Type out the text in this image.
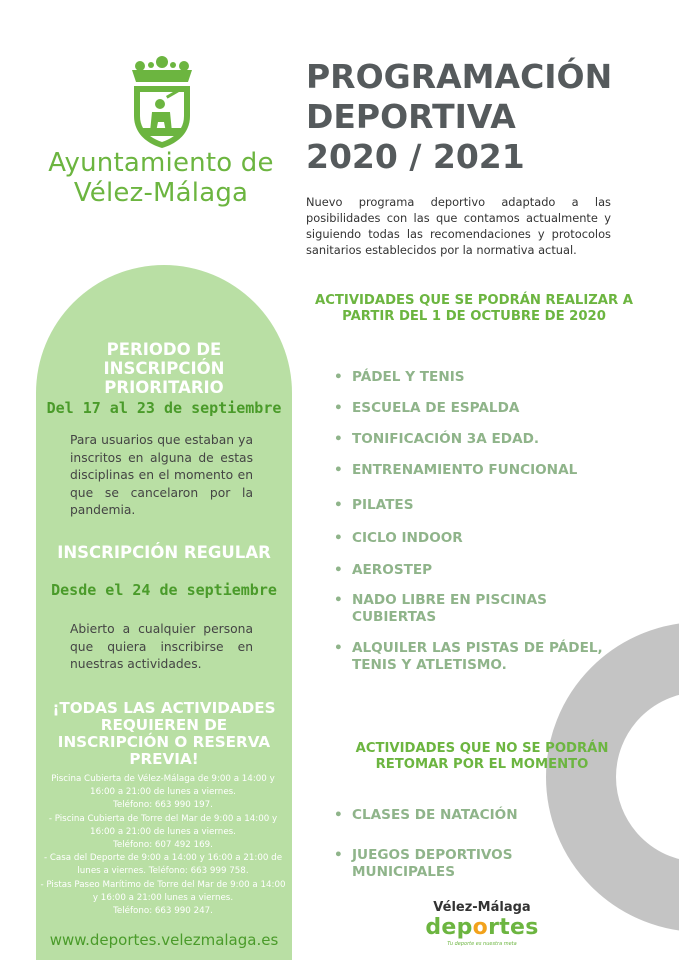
Ayuntamiento de
Vélez-Málaga
PROGRAMACIÓN
DEPORTIVA
2020 / 2021
Nuevo programa deportivo adaptado a las posibilidades con las que contamos actualmente y siguiendo todas las recomendaciones y protocolos sanitarios establecidos por la normativa actual.
PERIODO DE INSCRIPCIÓN PRIORITARIO
Del 17 al 23 de septiembre
Para usuarios que estaban ya inscritos en alguna de estas disciplinas en el momento en que se cancelaron por la pandemia.
INSCRIPCIÓN REGULAR
Desde el 24 de septiembre
Abierto a cualquier persona que quiera inscribirse en nuestras actividades.
¡TODAS LAS ACTIVIDADES REQUIEREN DE INSCRIPCIÓN O RESERVA PREVIA!
Piscina Cubierta de Vélez-Málaga de 9:00 a 14:00 y 16:00 a 21:00 de lunes a viernes.
Teléfono: 663 990 197.
- Piscina Cubierta de Torre del Mar de 9:00 a 14:00 y 16:00 a 21:00 de lunes a viernes.
Teléfono: 607 492 169.
- Casa del Deporte de 9:00 a 14:00 y 16:00 a 21:00 de lunes a viernes. Teléfono: 663 999 758.
- Pistas Paseo Marítimo de Torre del Mar de 9:00 a 14:00 y 16:00 a 21:00 lunes a viernes.
Teléfono: 663 990 247.
www.deportes.velezmalaga.es
ACTIVIDADES QUE SE PODRÁN REALIZAR A PARTIR DEL 1 DE OCTUBRE DE 2020
• PÁDEL Y TENIS
• ESCUELA DE ESPALDA
• TONIFICACIÓN 3A EDAD.
• ENTRENAMIENTO FUNCIONAL
• PILATES
• CICLO INDOOR
• AEROSTEP
• NADO LIBRE EN PISCINAS CUBIERTAS
• ALQUILER LAS PISTAS DE PÁDEL, TENIS Y ATLETISMO.
ACTIVIDADES QUE NO SE PODRÁN RETOMAR POR EL MOMENTO
• CLASES DE NATACIÓN
• JUEGOS DEPORTIVOS MUNICIPALES
Vélez-Málaga
deportes
Tu deporte es nuestra meta
